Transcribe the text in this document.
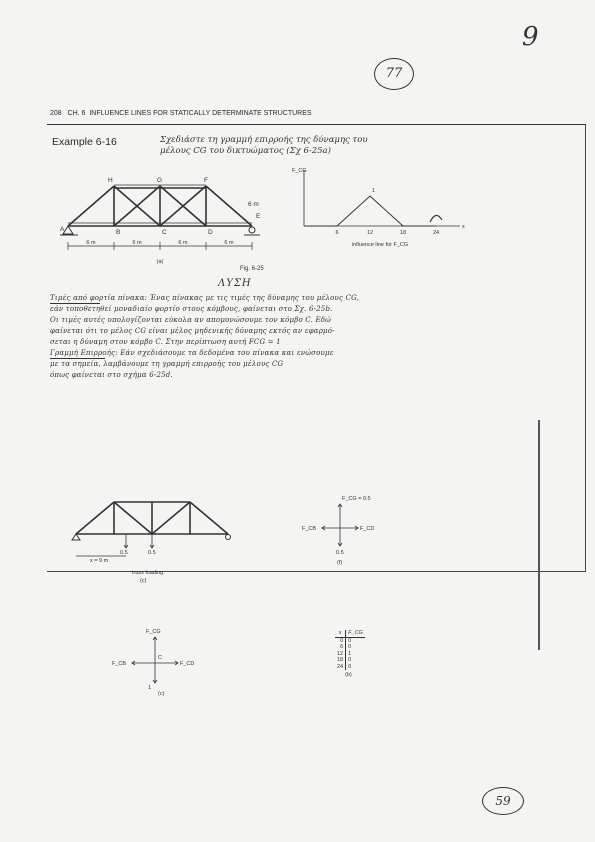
9
77
208 CH. 6 INFLUENCE LINES FOR STATICALLY DETERMINATE STRUCTURES
Example 6-16	Σχεδιάστε τη γραμμή επιρροής της δύναμης του
μέλους CG του δικτυώματος (Σχ 6-25a)
H	G	F
A	B	C	D
E
6 m
6 m	6 m	6 m	6 m
(a)
F_CG
x
1
6	12	18	24
influence line for F_CG
Fig. 6-25
ΛΥΣΗ
Τιμές από φορτία πίνακα: Ένας πίνακας με τις τιμές της δύναμης του μέλους CG,
εάν τοποθετηθεί μοναδιαίο φορτίο στους κόμβους, φαίνεται στο Σχ. 6-25b.
Οι τιμές αυτές υπολογίζονται εύκολα αν απομονώσουμε τον κόμβο C. Εδώ
φαίνεται ότι το μέλος CG είναι μέλος μηδενικής δύναμης εκτός αν εφαρμό-
σεται η δύναμη στον κόμβο C. Στην περίπτωση αυτή FCG = 1
Γραμμή Επιρροής: Εάν σχεδιάσουμε τα δεδομένα του πίνακα και ενώσουμε
με τα σημεία, λαμβάνουμε τη γραμμή επιρροής του μέλους CG
όπως φαίνεται στο σχήμα 6-25d.
0.5	0.5
x = 9 m
truss loading
(c)
F_CG = 0.5
F_CB	F_CD
0.5
(f)
F_CG
F_CB	F_CD
C
1
(c)
x	F_CG
0	0
6	0
12	1
18	0
24	0
(b)
59
